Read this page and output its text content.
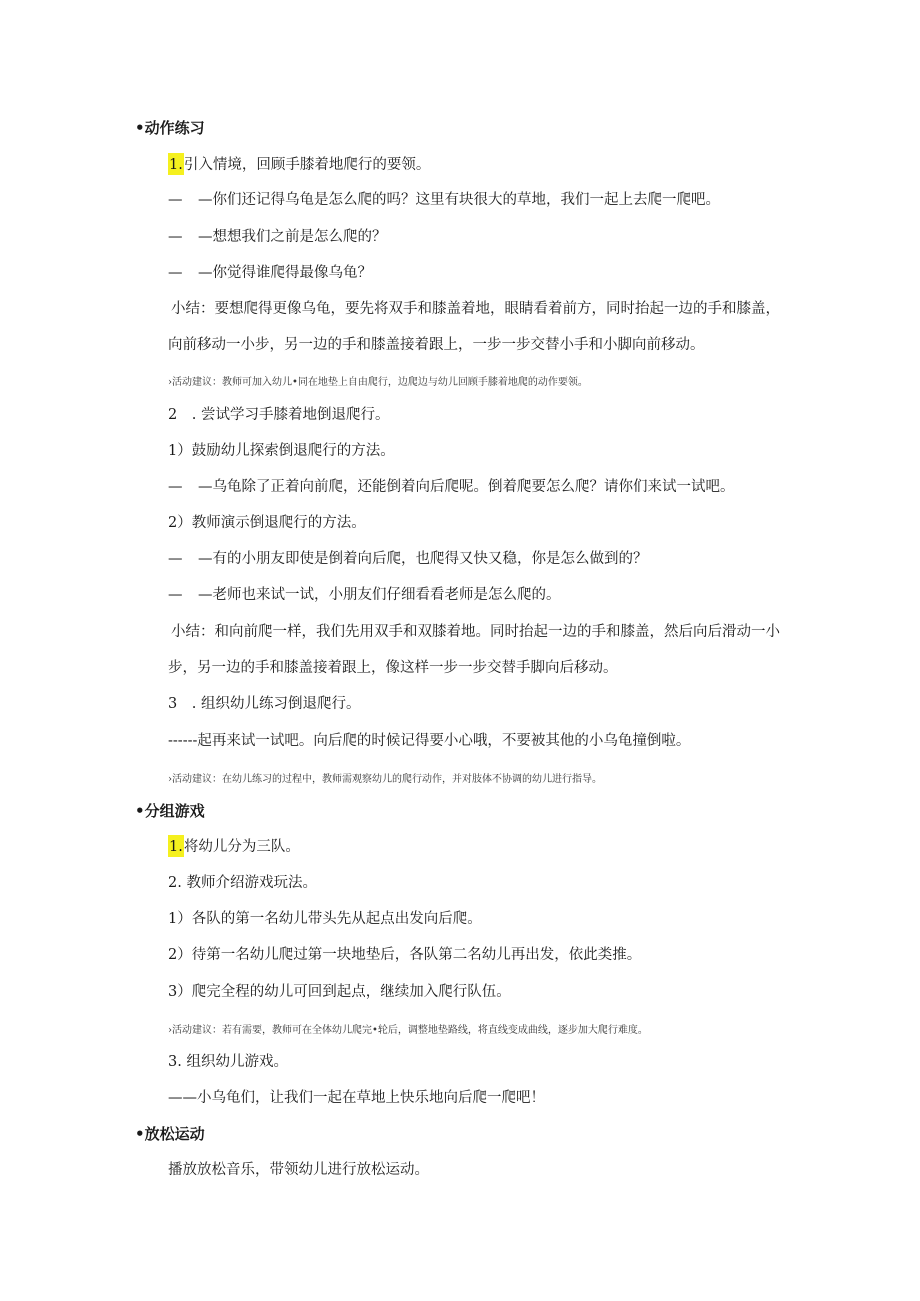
•动作练习
1.引入情境，回顾手膝着地爬行的要领。
— —你们还记得乌龟是怎么爬的吗？这里有块很大的草地，我们一起上去爬一爬吧。
— —想想我们之前是怎么爬的？
— —你觉得谁爬得最像乌龟？
小结：要想爬得更像乌龟，要先将双手和膝盖着地，眼睛看着前方，同时抬起一边的手和膝盖，
向前移动一小步，另一边的手和膝盖接着跟上，一步一步交替小手和小脚向前移动。
›活动建议：教师可加入幼儿•同在地垫上自由爬行，边爬边与幼儿回顾手膝着地爬的动作要领。
2　. 尝试学习手膝着地倒退爬行。
1）鼓励幼儿探索倒退爬行的方法。
— —乌龟除了正着向前爬，还能倒着向后爬呢。倒着爬要怎么爬？请你们来试一试吧。
2）教师演示倒退爬行的方法。
— —有的小朋友即使是倒着向后爬，也爬得又快又稳，你是怎么做到的？
— —老师也来试一试，小朋友们仔细看看老师是怎么爬的。
小结：和向前爬一样，我们先用双手和双膝着地。同时抬起一边的手和膝盖，然后向后滑动一小
步，另一边的手和膝盖接着跟上，像这样一步一步交替手脚向后移动。
3　. 组织幼儿练习倒退爬行。
------起再来试一试吧。向后爬的时候记得要小心哦，不要被其他的小乌龟撞倒啦。
›活动建议：在幼儿练习的过程中，教师需观察幼儿的爬行动作，并对肢体不协调的幼儿进行指导。
•分组游戏
1.将幼儿分为三队。
2. 教师介绍游戏玩法。
1）各队的第一名幼儿带头先从起点出发向后爬。
2）待第一名幼儿爬过第一块地垫后，各队第二名幼儿再出发，依此类推。
3）爬完全程的幼儿可回到起点，继续加入爬行队伍。
›活动建议：若有需要，教师可在全体幼儿爬完•轮后，调整地垫路线，将直线变成曲线，逐步加大爬行难度。
3. 组织幼儿游戏。
——小乌龟们，让我们一起在草地上快乐地向后爬一爬吧！
•放松运动
播放放松音乐，带领幼儿进行放松运动。
